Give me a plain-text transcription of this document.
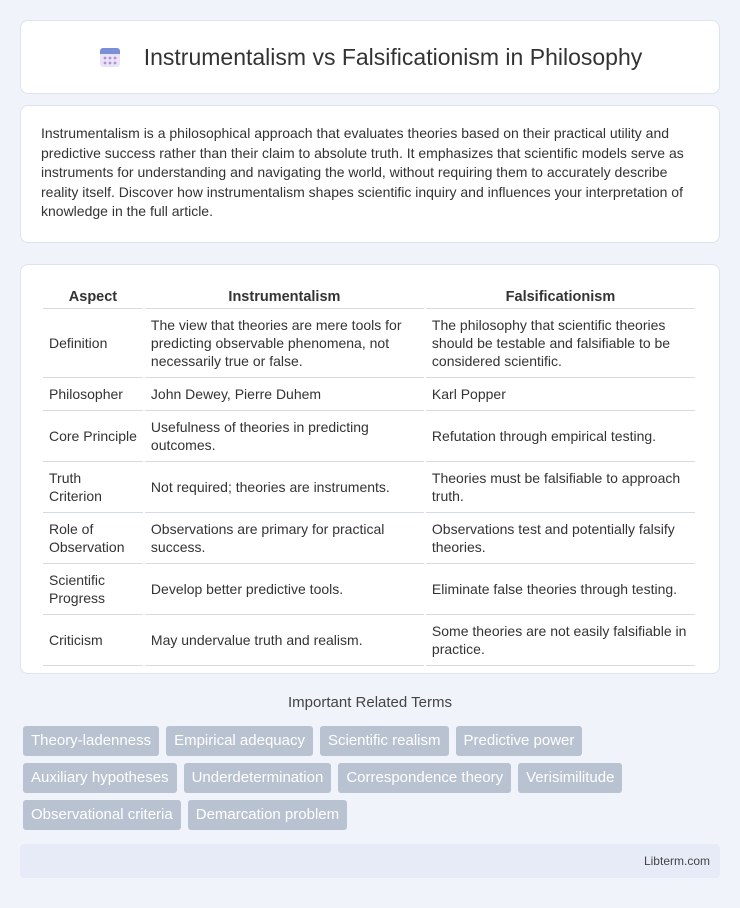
Instrumentalism vs Falsificationism in Philosophy

Instrumentalism is a philosophical approach that evaluates theories based on their practical utility and predictive success rather than their claim to absolute truth. It emphasizes that scientific models serve as instruments for understanding and navigating the world, without requiring them to accurately describe reality itself. Discover how instrumentalism shapes scientific inquiry and influences your interpretation of knowledge in the full article.

Aspect	Instrumentalism	Falsificationism
Definition	The view that theories are mere tools for predicting observable phenomena, not necessarily true or false.	The philosophy that scientific theories should be testable and falsifiable to be considered scientific.
Philosopher	John Dewey, Pierre Duhem	Karl Popper
Core Principle	Usefulness of theories in predicting outcomes.	Refutation through empirical testing.
Truth Criterion	Not required; theories are instruments.	Theories must be falsifiable to approach truth.
Role of Observation	Observations are primary for practical success.	Observations test and potentially falsify theories.
Scientific Progress	Develop better predictive tools.	Eliminate false theories through testing.
Criticism	May undervalue truth and realism.	Some theories are not easily falsifiable in practice.
Important Related Terms
Theory-ladenness	Empirical adequacy	Scientific realism	Predictive power
Auxiliary hypotheses	Underdetermination	Correspondence theory	Verisimilitude
Observational criteria	Demarcation problem
Libterm.com
